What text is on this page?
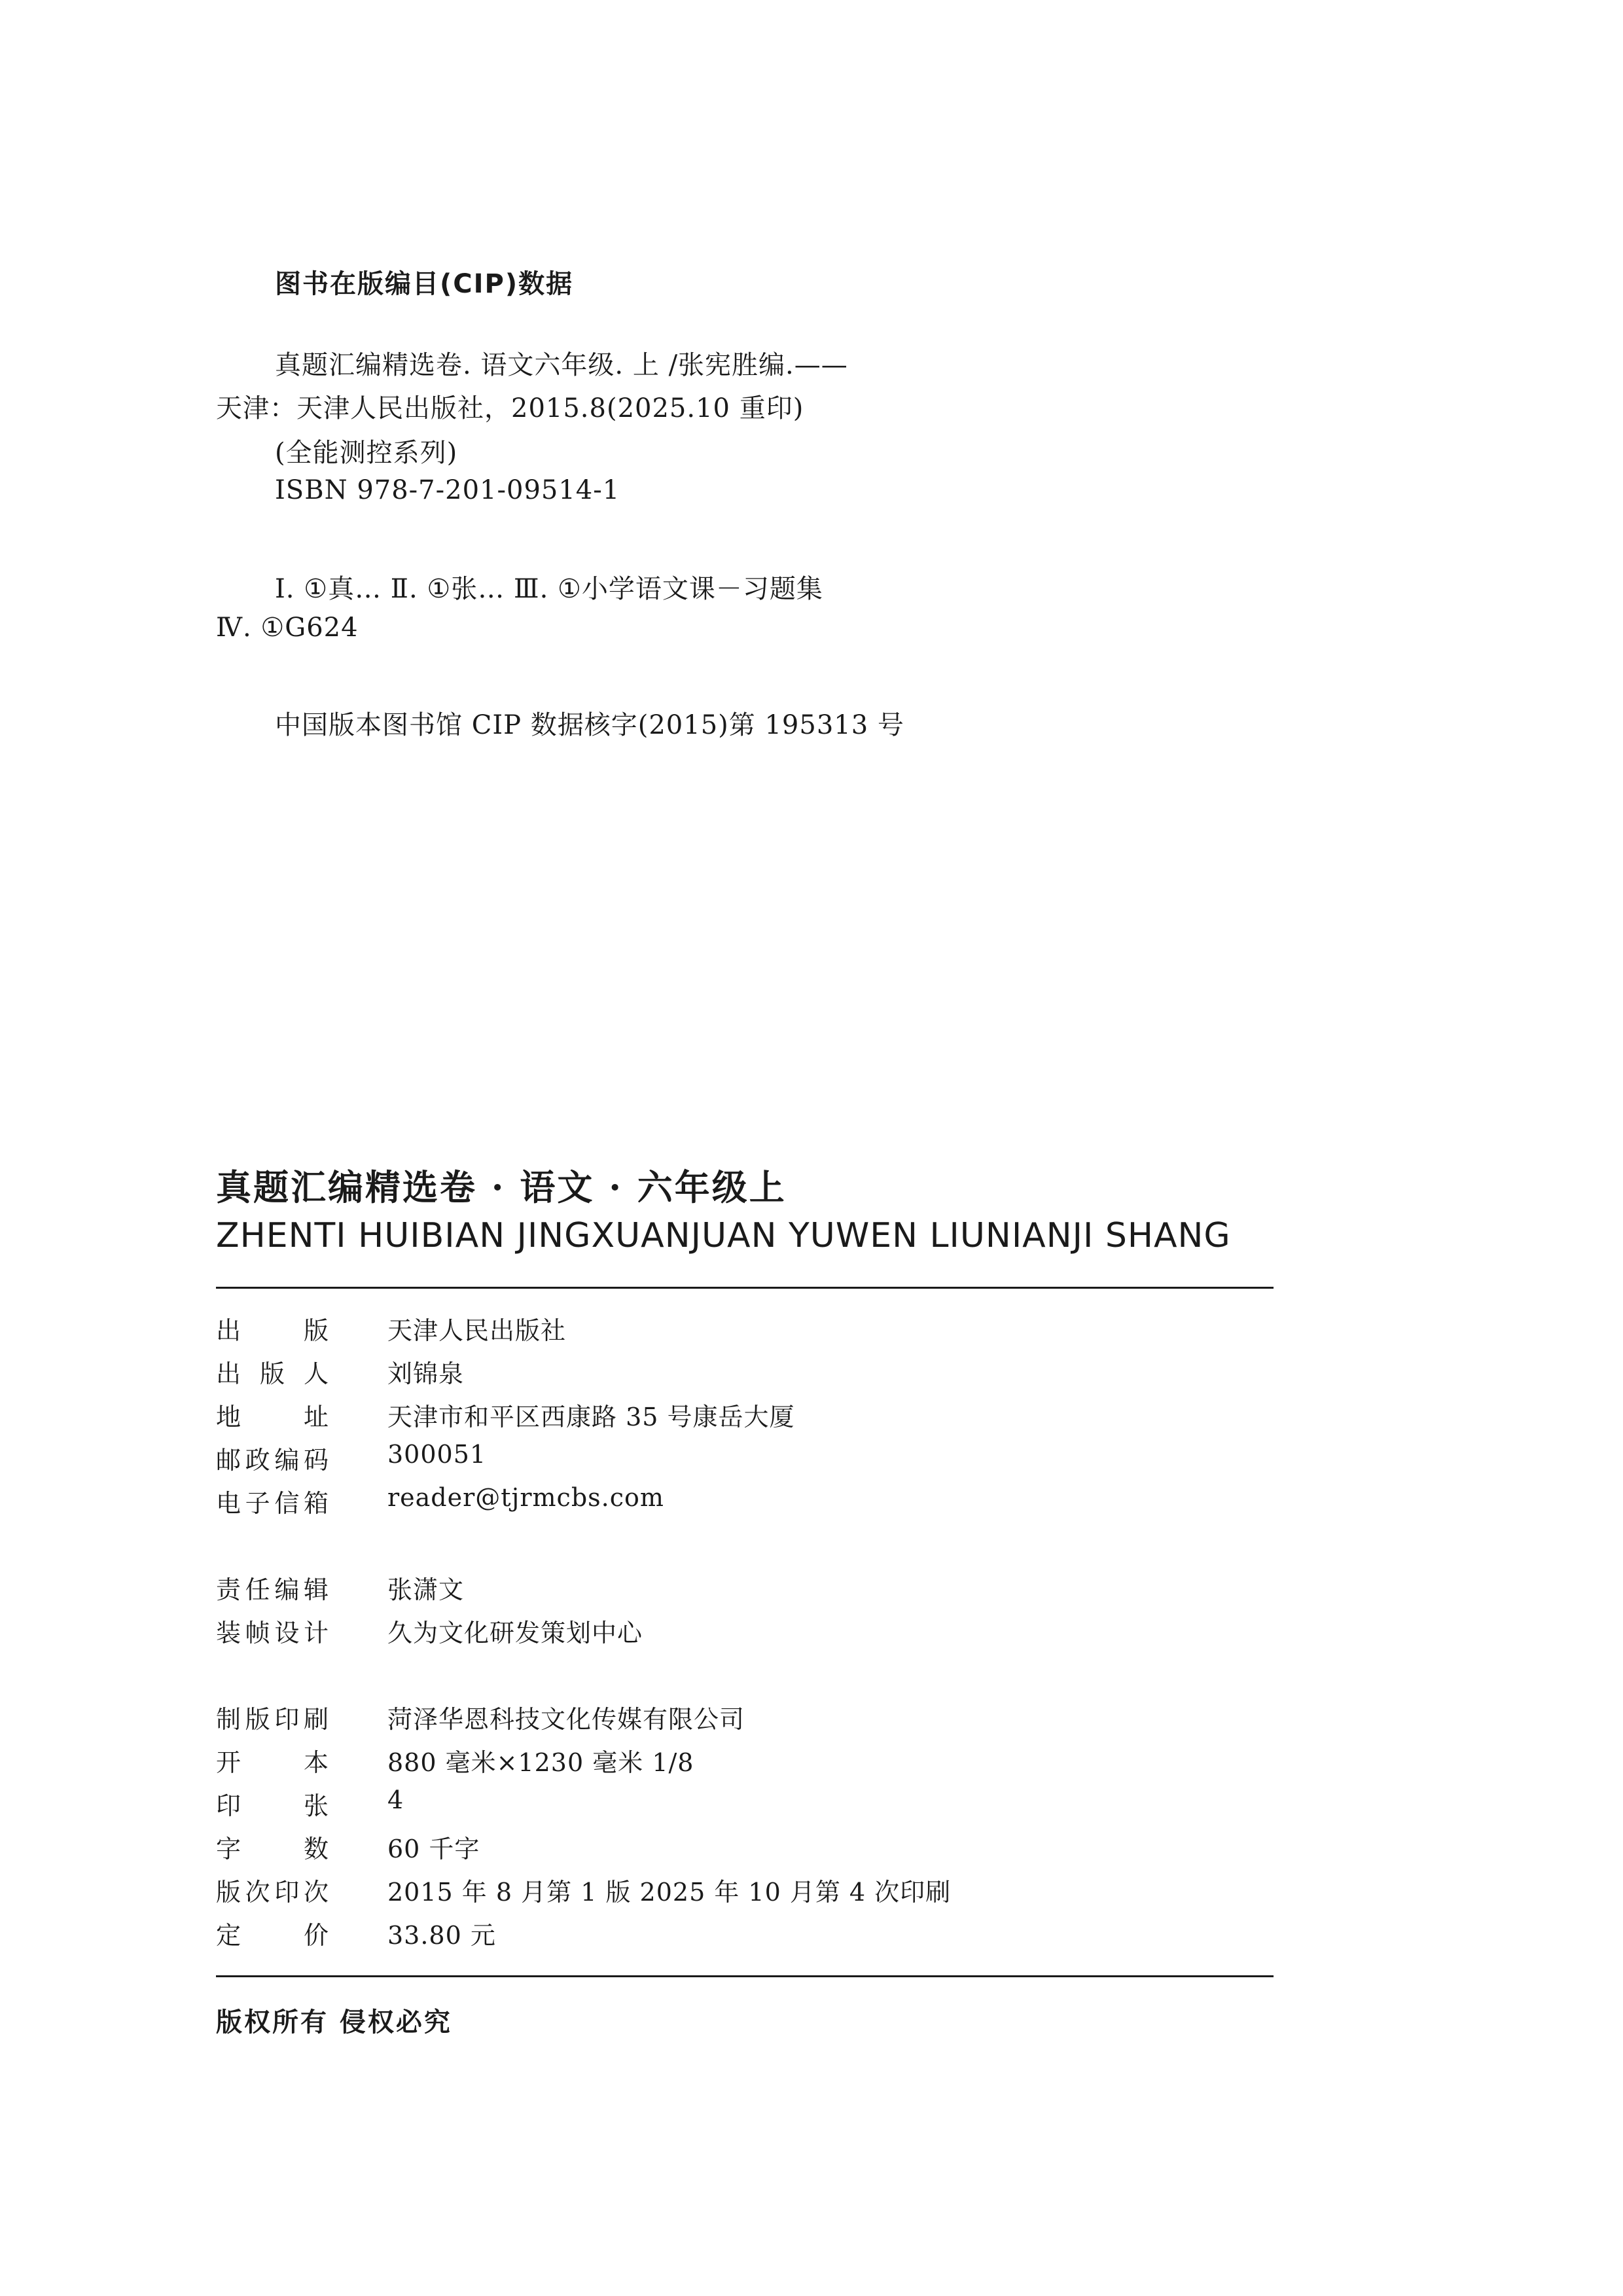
图书在版编目(CIP)数据
真题汇编精选卷. 语文六年级. 上 /张宪胜编.——
天津：天津人民出版社，2015.8(2025.10 重印)
(全能测控系列)
ISBN 978-7-201-09514-1
Ⅰ. ①真… Ⅱ. ①张… Ⅲ. ①小学语文课－习题集
Ⅳ. ①G624
中国版本图书馆 CIP 数据核字(2015)第 195313 号
真题汇编精选卷 · 语文 · 六年级上
ZHENTI HUIBIAN JINGXUANJUAN YUWEN LIUNIANJI SHANG
出	版 天津人民出版社
出 版 人 刘锦泉
地	址 天津市和平区西康路 35 号康岳大厦
邮 政 编 码 300051
电 子 信 箱 reader@tjrmcbs.com
责 任 编 辑 张潇文
装 帧 设 计 久为文化研发策划中心
制 版 印 刷 菏泽华恩科技文化传媒有限公司
开	本 880 毫米×1230 毫米 1/8
印	张 4
字	数 60 千字
版 次 印 次 2015 年 8 月第 1 版 2025 年 10 月第 4 次印刷
定	价 33.80 元
版权所有 侵权必究
